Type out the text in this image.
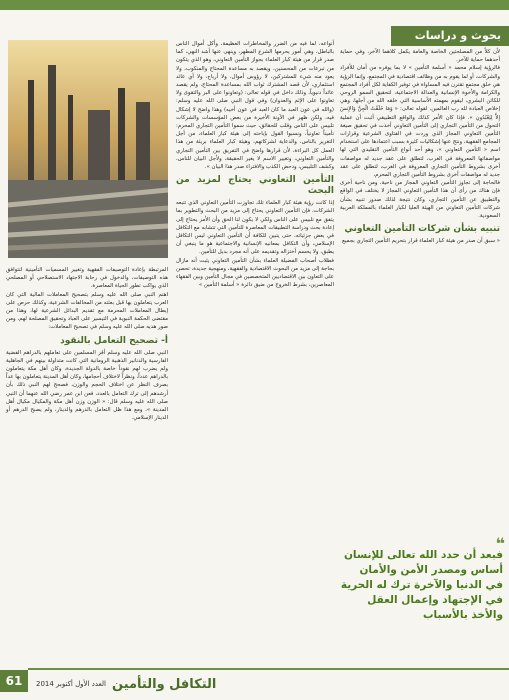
بحوث و دراسات

لأن كلاً من المصلحتين الخاصة والعامة يكمل كلاهما الآخر، وفي حماية أحدهما حماية للآخر.

فالرؤية إسلام محمد « أسلمة التأمين » لا بما يوفره من أمان للأفراد والشركات، أو لما يقوم به من وظائف اقتصادية في المجتمع، وإنما الرؤية هي خلق مجتمع تقترن فيه المساواة في توفير الكفاية لكل أفراد المجتمع والكرامة والأخوة الإنسانية والعدالة الاجتماعية، لتحقيق السمو الروحي للكائن البشري، ليقوم بمهمته الأساسية التي خلقه الله من أجلها، وهي إخلاص العبادة لله رب العالمين، لقوله تعالى: « وَمَا خَلَقْتُ الْجِنَّ وَالإِنسَ إِلاَّ لِيَعْبُدُونِ ». فإذا كان الأمر كذلك والواقع التطبيقي أثبت أن عملية التحول من التأمين التجاري إلى التأمين التعاوني أخذت في تحقيق صيغة التأمين التعاوني المجاز الذي وردت في الفتاوى الشرعية وقرارات المجامع الفقهية، ونتج عنها إشكاليات كثيرة بسبب اعتمادها على استخدام اسم « التأمين التعاوني »، وهو أحد أنواع التأمين التقليدي التي لها مواصفاتها المعروفة في الغرب، لتطلق على عقد جديد له مواصفات أخرى بشروط التأمين التجاري المعروفة في الغرب، لتطلق على عقد جديد له مواصفات أخرى بشروط التأمين التجاري المحرم،

فالحاجة إلى تجاوز التأمين التعاوني المجاز من ناحية، ومن ناحية أخرى فإن هناك من رأى أن هذا التأمين التعاوني المجاز لا يختلف في الواقع والتطبيق عن التأمين التجاري، وكان نتيجة لذلك صدور تنبيه بشأن شركات التأمين التعاوني من الهيئة العليا لكبار العلماء بالمملكة العربية السعودية.

تنبيه بشأن شركات التأمين التعاوني

« سبق أن صدر من هيئة كبار العلماء قرار بتحريم التأمين التجاري بجميع

❝
فبعد أن حدد الله تعالى للإنسان أساس ومصدر الأمن والأمان في الدنيا والآخرة ترك له الحرية في الإجتهاد وإعمال العقل والأخذ بالأسباب

أنواعه، لما فيه من الضرر والمخاطرات العظيمة، وأكل أموال الناس بالباطل، وهي أمور يحرمها الشرع المطهر، وينهى عنها أشد النهي، كما صدر قرار من هيئة كبار العلماء بجواز التأمين التعاوني، وهو الذي يتكون من تبرعات من المحسنين، ويقصد به مساعدة المحتاج والمنكوب، ولا يعود منه شيء للمشتركين، لا رؤوس أموال، ولا أرباح، ولا أي عائد استثماري، لأن قصد المشترك ثواب الله بمساعدة المحتاج، ولم يقصد عائداً دنيوياً، وذلك داخل في قوله تعالى: (وتعاونوا على البر والتقوى ولا تعاونوا على الإثم والعدوان) وفي قول النبي صلى الله عليه وسلم: (والله في عون العبد ما كان العبد في عون أخيه) وهذا واضح لا إشكال فيه، ولكن ظهر في الآونة الأخيرة من بعض المؤسسات والشركات تلبيس على الناس وقلب للحقائق، حيث سموا التأمين التجاري المحرم: تأميناً تعاونياً، ونسبوا القول بإباحته إلى هيئة كبار العلماء، من أجل التغرير بالناس، والدعاية لشركاتهم، وهيئة كبار العلماء بريئة من هذا العمل كل البراءة، لأن قرارها واضح في التفريق بين التأمين التجاري والتأمين التعاوني، وتغيير الاسم لا يغير الحقيقة، ولأجل البيان للناس، وكشف التلبيس، ودحض الكذب والافتراء صدر هذا البيان ».

التأمين التعاوني يحتاج لمزيد من البحث

إذا كانت رؤية هيئة كبار العلماء تلك تجاوزت التأمين التعاوني الذي تتبعه الشركات، فإن التأمين التعاوني يحتاج إلى مزيد من البحث والتطوير بما يتفق مع تلبيس على الناس ولكي لا يكون لنا الحق وأن الأمر يحتاج إلى إعادة بحث ودراسة التطبيقات المعاصرة للتأمين التي تتشابه مع التكافل في بعض جزئياته، حتى يتبين للكافة أن التأمين التعاوني ليس التكافل الإسلامي، وأن التكافل بمعانيه الإنسانية والاجتماعية هو ما ينبغي أن يطبق، ولا يحسم أختزاله وتقديمه على أنه مجرد بديل للتأمين.

فطلاب أصحاب الفضيلة العلماء بشأن التأمين التعاوني يثبت أنه مازال بحاجة إلى مزيد من البحوث الاقتصادية والفقهية، ومنهجية جديدة، تحصن على التعاون بين الاقتصاديين المتخصصين في مجال التأمين وبين الفقهاء المعاصرين، بشرط الخروج من ضيق دائرة « أسلمة التأمين »

المرتبطة بإعادة التوصيفات الفقهية وتغيير المسميات التأمينية لتتوافق هذه التوصيفات، والدخول في رحابة الاجتهاد الاستصلاحي أو المصلحي الذي يواكب تطور الحياة المعاصرة.

اهتم النبي صلى الله عليه وسلم بتصحيح المعاملات المالية التي كان العرب يتعاملون بها قبل بعثته من المخالفات الشرعية، وكذلك حرص على إبطال المعاملات المحرمة مع تقديم البدائل الشرعية لها، وهذا من مقتضى الحكمة النبوية في التيسير على العباد وتحقيق المصلحة لهم، ومن صور هديه صلى الله عليه وسلم في تصحيح المعاملات:

أ- تصحيح التعامل بالنقود

النبي صلى الله عليه وسلم أقر المسلمين على تعاملهم بالدراهم الفضية الفارسية والدنانير الذهبية الرومانية التي كانت متداولة بينهم في الجاهلية ولم يضرب لهم نقوداً خاصة بالدولة الجديدة، وكان أهل مكة يتعاملون بالدراهم عدداً، ونظراً لاختلاف أحجامها، وكان أهل المدينة يتعاملون بها عداً بصرف النظر عن اختلاف الحجم والوزن، فصحح لهم النبي ذلك بأن أرشدهم إلى ترك التعامل بالعدد، فعن ابن عمر رضي الله عنهما أن النبي صلى الله عليه وسلم قال: « الوزن وزن أهل مكة والمكيال مكيال أهل المدينة »، ومع هذا ظل التعامل بالدرهم والدينار، ولم يصبح الدرهم أو الدينار الإسلامي.

61	العدد الأول أكتوبر 2014 التكافل والتأمين
